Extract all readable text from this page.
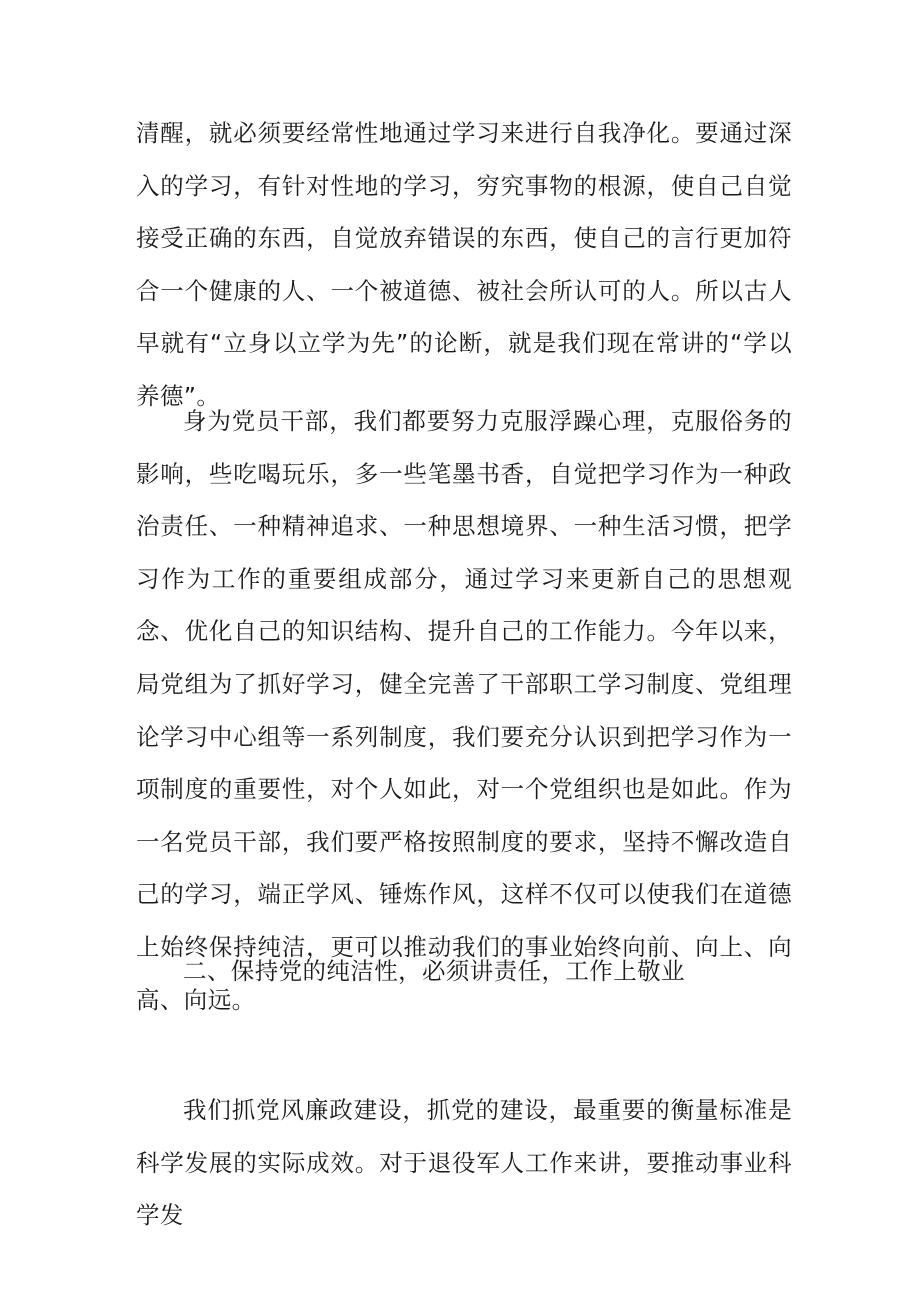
清醒，就必须要经常性地通过学习来进行自我净化。要通过深入的学习，有针对性地的学习，穷究事物的根源，使自己自觉接受正确的东西，自觉放弃错误的东西，使自己的言行更加符合一个健康的人、一个被道德、被社会所认可的人。所以古人早就有“立身以立学为先”的论断，就是我们现在常讲的“学以养德”。

身为党员干部，我们都要努力克服浮躁心理，克服俗务的影响，些吃喝玩乐，多一些笔墨书香，自觉把学习作为一种政治责任、一种精神追求、一种思想境界、一种生活习惯，把学习作为工作的重要组成部分，通过学习来更新自己的思想观念、优化自己的知识结构、提升自己的工作能力。今年以来，局党组为了抓好学习，健全完善了干部职工学习制度、党组理论学习中心组等一系列制度，我们要充分认识到把学习作为一项制度的重要性，对个人如此，对一个党组织也是如此。作为一名党员干部，我们要严格按照制度的要求，坚持不懈改造自己的学习，端正学风、锤炼作风，这样不仅可以使我们在道德上始终保持纯洁，更可以推动我们的事业始终向前、向上、向高、向远。

二、保持党的纯洁性，必须讲责任，工作上敬业

我们抓党风廉政建设，抓党的建设，最重要的衡量标准是科学发展的实际成效。对于退役军人工作来讲，要推动事业科学发
